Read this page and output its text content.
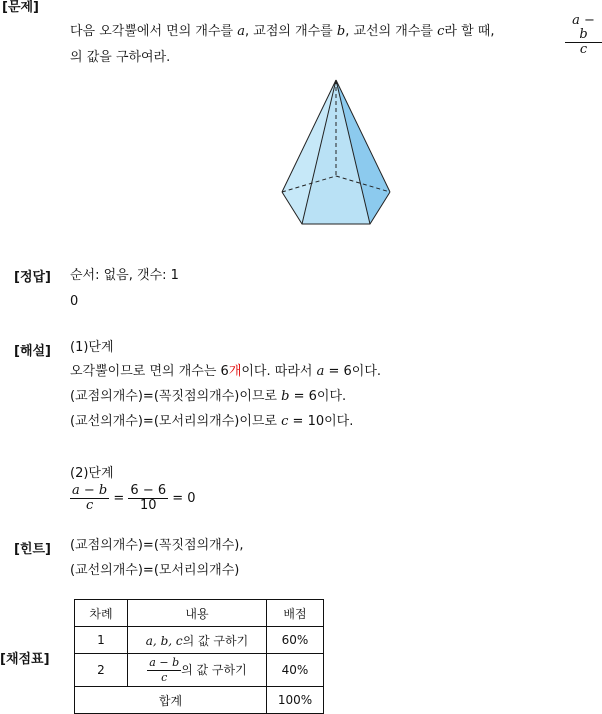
[문제]
다음 오각뿔에서 면의 개수를 a, 교점의 개수를 b, 교선의 개수를 c라 할 때,	$\frac{a - b}{c}$
의 값을 구하여라.
[정답] 순서: 없음, 갯수: 1
0
[해설] (1)단계
오각뿔이므로 면의 개수는 6개이다. 따라서 a = 6이다.
(교점의개수)=(꼭짓점의개수)이므로 b = 6이다.
(교선의개수)=(모서리의개수)이므로 c = 10이다.
(2)단계
$\frac{a - b}{c} = \frac{6 - 6}{10} = 0$
[힌트] (교점의개수)=(꼭짓점의개수),
(교선의개수)=(모서리의개수)
[채점표]
차례	내용	배점
1	a, b, c의 값 구하기	60%
2	$\frac{a - b}{c}$ 의 값 구하기	40%
합계		100%
